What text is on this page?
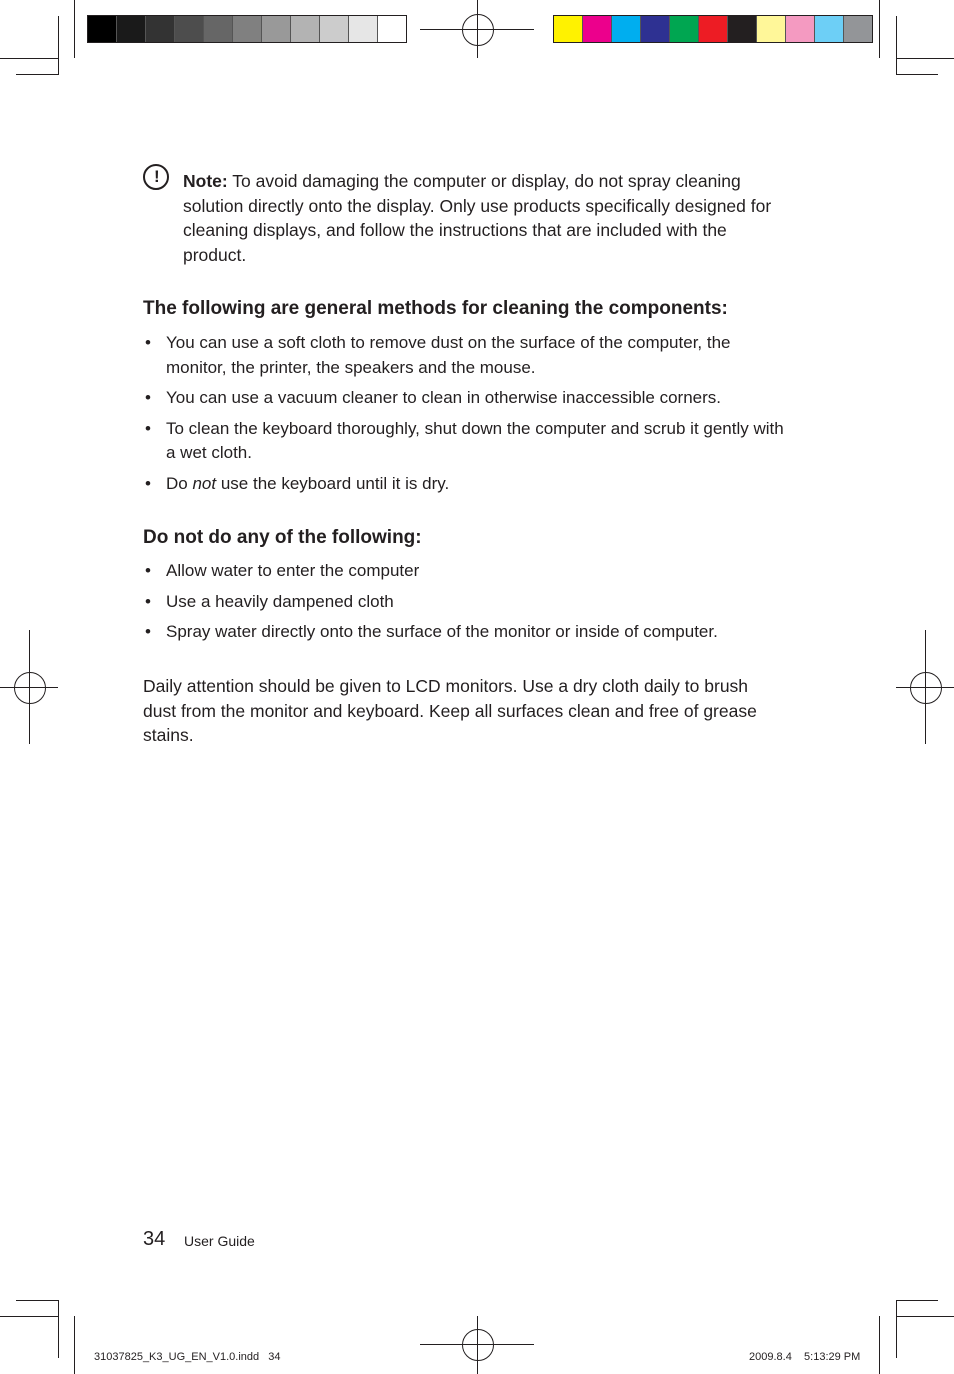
! Note: To avoid damaging the computer or display, do not spray cleaning solution directly onto the display. Only use products specifically designed for cleaning displays, and follow the instructions that are included with the product.
The following are general methods for cleaning the components:
• You can use a soft cloth to remove dust on the surface of the computer, the monitor, the printer, the speakers and the mouse.
• You can use a vacuum cleaner to clean in otherwise inaccessible corners.
• To clean the keyboard thoroughly, shut down the computer and scrub it gently with a wet cloth.
• Do not use the keyboard until it is dry.
Do not do any of the following:
• Allow water to enter the computer
• Use a heavily dampened cloth
• Spray water directly onto the surface of the monitor or inside of computer.
Daily attention should be given to LCD monitors. Use a dry cloth daily to brush dust from the monitor and keyboard. Keep all surfaces clean and free of grease stains.
34 User Guide
31037825_K3_UG_EN_V1.0.indd   34	2009.8.4    5:13:29 PM
